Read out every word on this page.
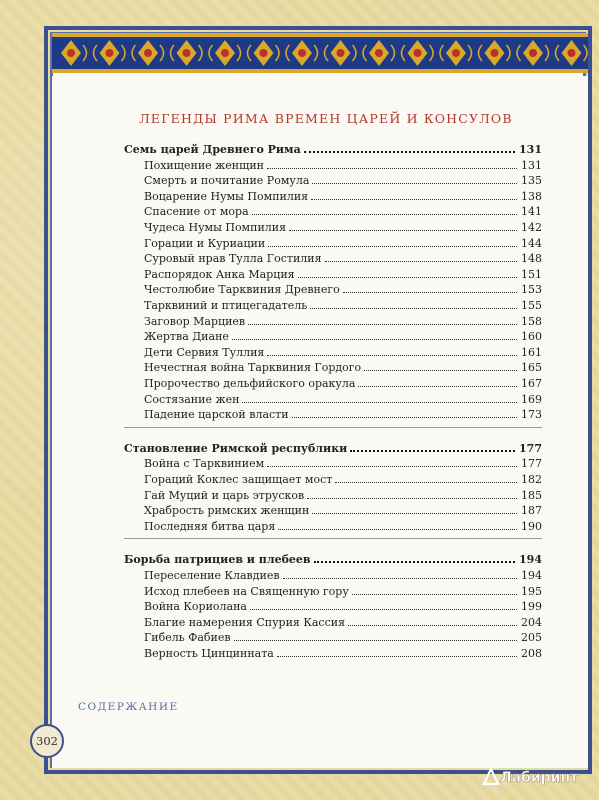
ЛЕГЕНДЫ РИМА ВРЕМЕН ЦАРЕЙ И КОНСУЛОВ
Семь царей Древнего Рима	131
Похищение женщин	131
Смерть и почитание Ромула	135
Воцарение Нумы Помпилия	138
Спасение от мора	141
Чудеса Нумы Помпилия	142
Горации и Куриации	144
Суровый нрав Тулла Гостилия	148
Распорядок Анка Марция	151
Честолюбие Тарквиния Древнего	153
Тарквиний и птицегадатель	155
Заговор Марциев	158
Жертва Диане	160
Дети Сервия Туллия	161
Нечестная война Тарквиния Гордого	165
Пророчество дельфийского оракула	167
Состязание жен	169
Падение царской власти	173
Становление Римской республики	177
Война с Тарквинием	177
Гораций Коклес защищает мост	182
Гай Муций и царь этрусков	185
Храбрость римских женщин	187
Последняя битва царя	190
Борьба патрициев и плебеев	194
Переселение Клавдиев	194
Исход плебеев на Священную гору	195
Война Кориолана	199
Благие намерения Спурия Кассия	204
Гибель Фабиев	205
Верность Цинцинната	208
СОДЕРЖАНИЕ
302
Лабиринт
